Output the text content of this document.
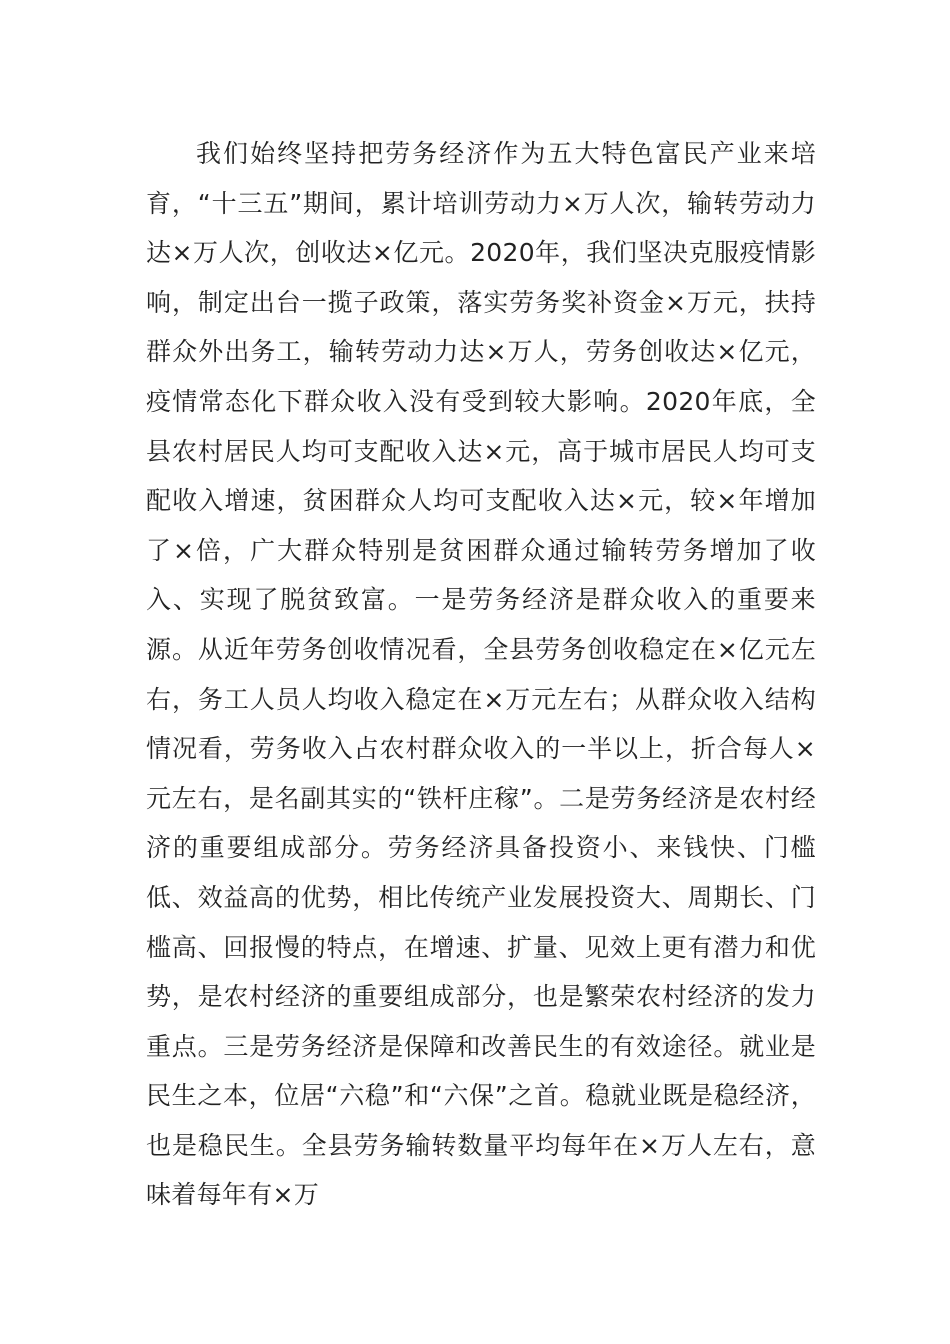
我们始终坚持把劳务经济作为五大特色富民产业来培育，“十三五”期间，累计培训劳动力×万人次，输转劳动力达×万人次，创收达×亿元。2020年，我们坚决克服疫情影响，制定出台一揽子政策，落实劳务奖补资金×万元，扶持群众外出务工，输转劳动力达×万人，劳务创收达×亿元，疫情常态化下群众收入没有受到较大影响。2020年底，全县农村居民人均可支配收入达×元，高于城市居民人均可支配收入增速，贫困群众人均可支配收入达×元，较×年增加了×倍，广大群众特别是贫困群众通过输转劳务增加了收入、实现了脱贫致富。一是劳务经济是群众收入的重要来源。从近年劳务创收情况看，全县劳务创收稳定在×亿元左右，务工人员人均收入稳定在×万元左右；从群众收入结构情况看，劳务收入占农村群众收入的一半以上，折合每人×元左右，是名副其实的“铁杆庄稼”。二是劳务经济是农村经济的重要组成部分。劳务经济具备投资小、来钱快、门槛低、效益高的优势，相比传统产业发展投资大、周期长、门槛高、回报慢的特点，在增速、扩量、见效上更有潜力和优势，是农村经济的重要组成部分，也是繁荣农村经济的发力重点。三是劳务经济是保障和改善民生的有效途径。就业是民生之本，位居“六稳”和“六保”之首。稳就业既是稳经济，也是稳民生。全县劳务输转数量平均每年在×万人左右，意味着每年有×万
